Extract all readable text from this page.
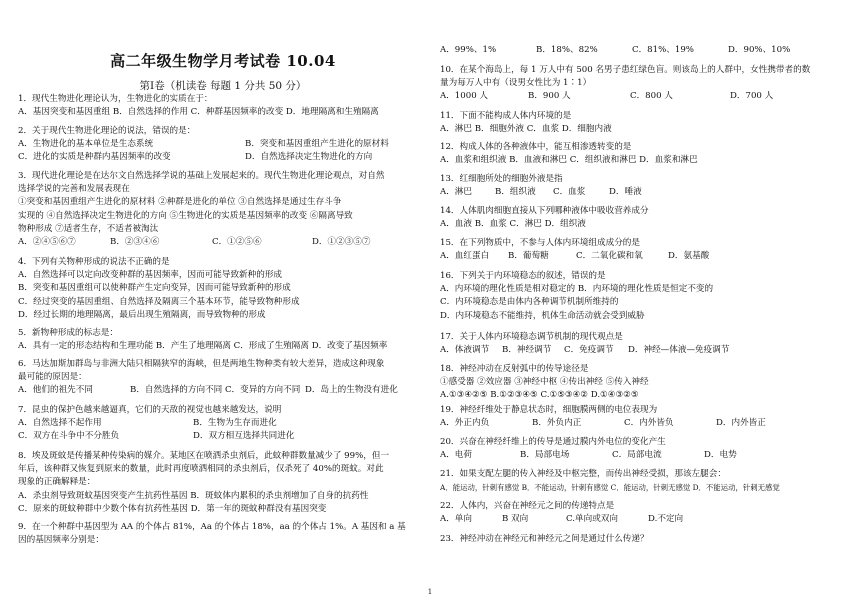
高二年级生物学月考试卷 10.04
第Ⅰ卷（机读卷 每题 1 分共 50 分）

1．现代生物进化理论认为，生物进化的实质在于：

A．基因突变和基因重组 B．自然选择的作用 C．种群基因频率的改变 D．地理隔离和生殖隔离

2．关于现代生物进化理论的说法，错误的是：

A．生物进化的基本单位是生态系统	B．突变和基因重组产生进化的原材料
C．进化的实质是种群内基因频率的改变	D．自然选择决定生物进化的方向

3．现代进化理论是在达尔文自然选择学说的基础上发展起来的。现代生物进化理论观点，对自然

选择学说的完善和发展表现在

①突变和基因重组产生进化的原材料 ②种群是进化的单位 ③自然选择是通过生存斗争

实现的 ④自然选择决定生物进化的方向 ⑤生物进化的实质是基因频率的改变 ⑥隔离导致

物种形成 ⑦适者生存，不适者被淘汰

A．②④⑤⑥⑦	B．②③④⑥	C．①②⑤⑥	D．①②③⑤⑦

4．下列有关物种形成的说法不正确的是

A．自然选择可以定向改变种群的基因频率，因而可能导致新种的形成

B．突变和基因重组可以使种群产生定向变异，因而可能导致新种的形成

C．经过突变的基因重组、自然选择及隔离三个基本环节，能导致物种形成

D．经过长期的地理隔离，最后出现生殖隔离，而导致物种的形成

5．新物种形成的标志是：

A．具有一定的形态结构和生理功能 B．产生了地理隔离 C．形成了生殖隔离 D．改变了基因频率

6．马达加斯加群岛与非洲大陆只相隔狭窄的海峡，但是两地生物种类有较大差异，造成这种现象

最可能的原因是：

A．他们的祖先不同	B．自然选择的方向不同 C．变异的方向不同 D．岛上的生物没有进化

7．昆虫的保护色越来越逼真，它们的天敌的视觉也越来越发达，说明

A．自然选择不起作用	B．生物为生存而进化
C．双方在斗争中不分胜负	D．双方相互选择共同进化

8．埃及斑蚊是传播某种传染病的媒介。某地区在喷洒杀虫剂后，此蚊种群数量减少了 99%，但一

年后，该种群又恢复到原来的数量，此时再度喷洒相同的杀虫剂后，仅杀死了 40%的斑蚊。对此

现象的正确解释是：

A．杀虫剂导致斑蚊基因突变产生抗药性基因 B．斑蚊体内累积的杀虫剂增加了自身的抗药性

C．原来的斑蚊种群中少数个体有抗药性基因 D．第一年的斑蚊种群没有基因突变

9．在一个种群中基因型为 AA 的个体占 81%，Aa 的个体占 18%，aa 的个体占 1%。A 基因和 a 基

因的基因频率分别是：

A．99%、1%	B．18%、82%	C．81%、19%	D．90%、10%

10．在某个海岛上，每 1 万人中有 500 名男子患红绿色盲。则该岛上的人群中，女性携带者的数

量为每万人中有（设男女性比为 1∶1）

A．1000 人	B．900 人	C．800 人	D．700 人

11．下面不能构成人体内环境的是

A．淋巴 B．细胞外液 C．血浆 D．细胞内液

12．构成人体的各种液体中，能互相渗透转变的是

A．血浆和组织液 B．血液和淋巴 C．组织液和淋巴 D．血浆和淋巴

13．红细胞所处的细胞外液是指

A．淋巴	B．组织液	C．血浆	D．唾液

14．人体肌肉细胞直接从下列哪种液体中吸收营养成分

A．血液 B．血浆 C．淋巴 D．组织液

15．在下列物质中，不参与人体内环境组成成分的是

A．血红蛋白	B．葡萄糖	C．二氧化碳和氧	D．氨基酸

16．下列关于内环境稳态的叙述，错误的是

A．内环境的理化性质是相对稳定的 B．内环境的理化性质是恒定不变的

C．内环境稳态是由体内各种调节机制所维持的

D．内环境稳态不能维持，机体生命活动就会受到威胁

17．关于人体内环境稳态调节机制的现代观点是

A．体液调节	B．神经调节	C．免疫调节	D．神经—体液—免疫调节

18．神经冲动在反射弧中的传导途径是

①感受器 ②效应器 ③神经中枢 ④传出神经 ⑤传入神经

A.①③④②⑤ B.①②③④⑤ C.①⑤③④② D.①④③②⑤

19．神经纤维处于静息状态时，细胞膜两侧的电位表现为

A．外正内负	B．外负内正	C．内外皆负	D．内外皆正

20．兴奋在神经纤维上的传导是通过膜内外电位的变化产生

A．电荷	B．局部电场	C．局部电流	D．电势

21．如果支配左腿的传入神经及中枢完整，而传出神经受损，那该左腿会：

A．能运动，针刺有感觉 B．不能运动，针刺有感觉 C．能运动，针刺无感觉 D．不能运动，针刺无感觉

22．人体内，兴奋在神经元之间的传递特点是

A．单向	B 双向	C.单向或双向	D.不定向

23．神经冲动在神经元和神经元之间是通过什么传递？

1
